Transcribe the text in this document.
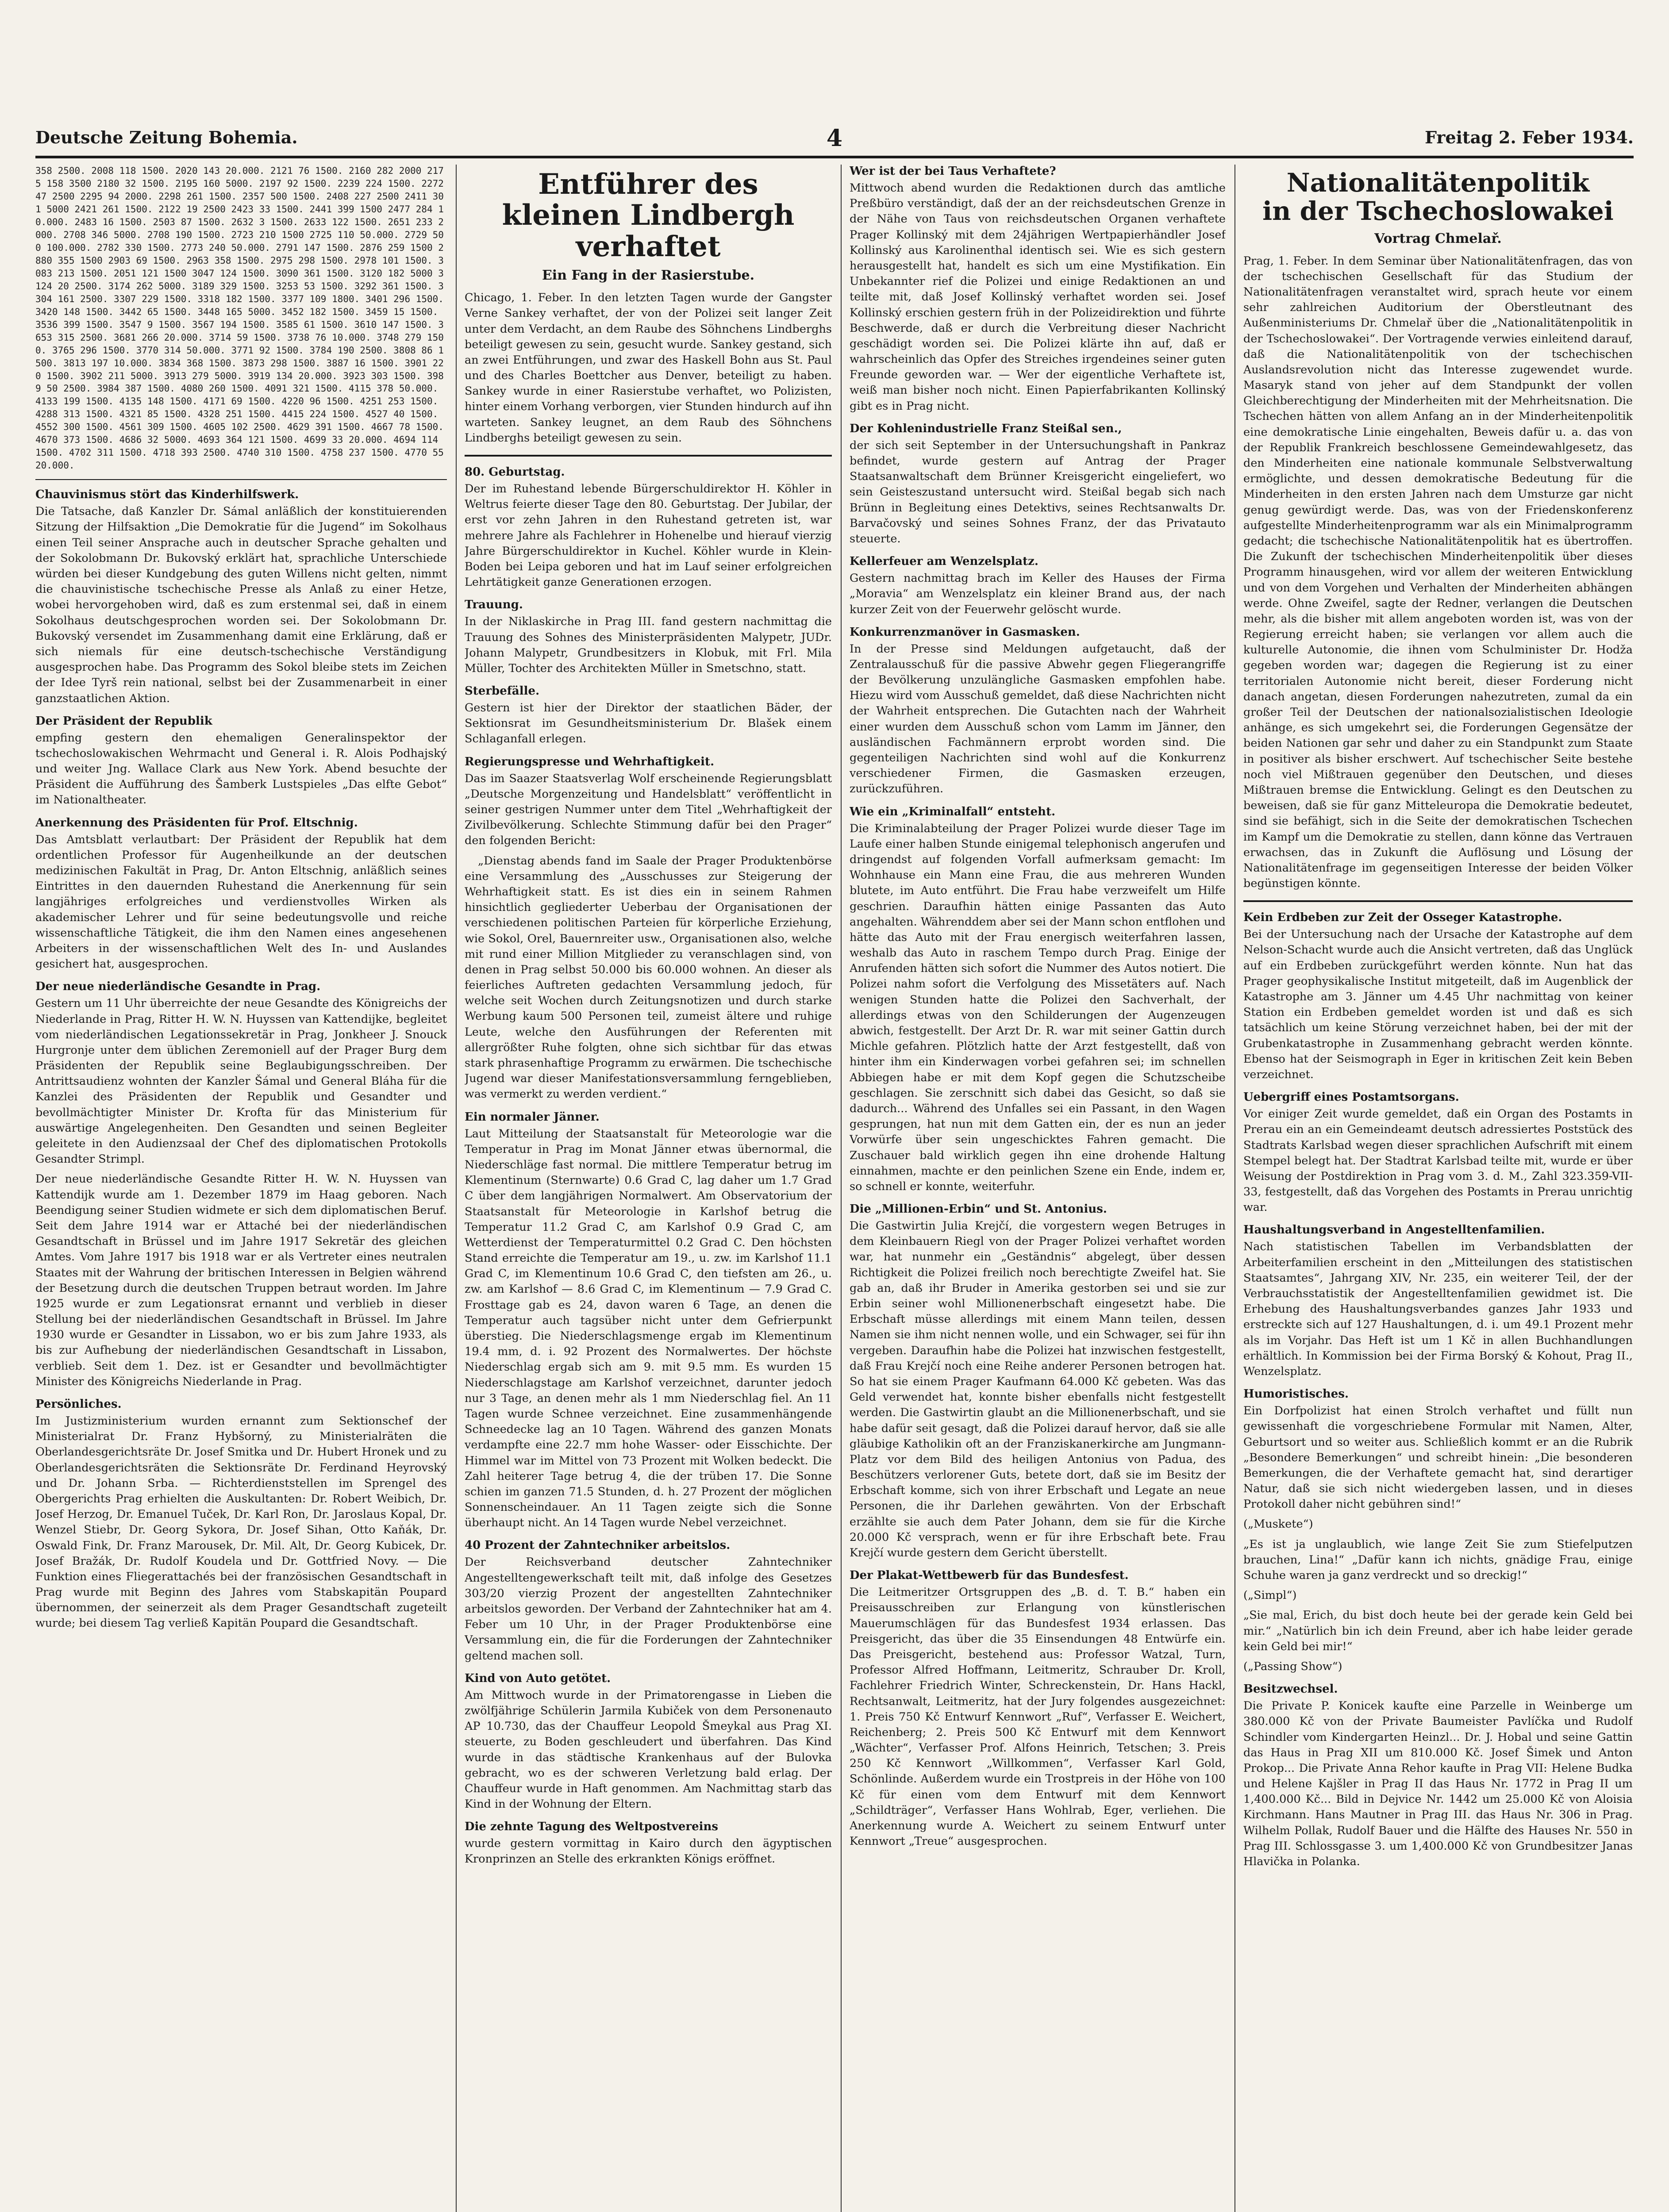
Deutsche Zeitung Bohemia.	4	Freitag 2. Feber 1934.
358 2500. 2008 118 1500. 2020 143 20.000. 2121 76 1500. 2160 282 2000 2175 158 3500 2180 32 1500. 2195 160 5000. 2197 92 1500. 2239 224 1500. 2272 47 2500 2295 94 2000. 2298 261 1500. 2357 500 1500. 2408 227 2500 2411 301 5000 2421 261 1500. 2122 19 2500 2423 33 1500. 2441 399 1500 2477 284 10.000. 2483 16 1500. 2503 87 1500. 2632 3 1500. 2633 122 1500. 2651 233 2000. 2708 346 5000. 2708 190 1500. 2723 210 1500 2725 110 50.000. 2729 500 100.000. 2782 330 1500. 2773 240 50.000. 2791 147 1500. 2876 259 1500 2880 355 1500 2903 69 1500. 2963 358 1500. 2975 298 1500. 2978 101 1500. 3083 213 1500. 2051 121 1500 3047 124 1500. 3090 361 1500. 3120 182 5000 3124 20 2500. 3174 262 5000. 3189 329 1500. 3253 53 1500. 3292 361 1500. 3304 161 2500. 3307 229 1500. 3318 182 1500. 3377 109 1800. 3401 296 1500. 3420 148 1500. 3442 65 1500. 3448 165 5000. 3452 182 1500. 3459 15 1500. 3536 399 1500. 3547 9 1500. 3567 194 1500. 3585 61 1500. 3610 147 1500. 3653 315 2500. 3681 266 20.000. 3714 59 1500. 3738 76 10.000. 3748 279 1500. 3765 296 1500. 3770 314 50.000. 3771 92 1500. 3784 190 2500. 3808 86 1500. 3813 197 10.000. 3834 368 1500. 3873 298 1500. 3887 16 1500. 3901 220 1500. 3902 211 5000. 3913 279 5000. 3919 134 20.000. 3923 303 1500. 3989 50 2500. 3984 387 1500. 4080 260 1500. 4091 321 1500. 4115 378 50.000. 4133 199 1500. 4135 148 1500. 4171 69 1500. 4220 96 1500. 4251 253 1500. 4288 313 1500. 4321 85 1500. 4328 251 1500. 4415 224 1500. 4527 40 1500. 4552 300 1500. 4561 309 1500. 4605 102 2500. 4629 391 1500. 4667 78 1500. 4670 373 1500. 4686 32 5000. 4693 364 121 1500. 4699 33 20.000. 4694 114 1500. 4702 311 1500. 4718 393 2500. 4740 310 1500. 4758 237 1500. 4770 55 20.000.
Chauvinismus stört das Kinderhilfswerk.

Die Tatsache, daß Kanzler Dr. Sámal anläßlich der konstituierenden Sitzung der Hilfsaktion „Die Demokratie für die Jugend“ im Sokolhaus einen Teil seiner Ansprache auch in deutscher Sprache gehalten und der Sokolobmann Dr. Bukovský erklärt hat, sprachliche Unterschiede würden bei dieser Kundgebung des guten Willens nicht gelten, nimmt die chauvinistische tschechische Presse als Anlaß zu einer Hetze, wobei hervorgehoben wird, daß es zum erstenmal sei, daß in einem Sokolhaus deutschgesprochen worden sei. Der Sokolobmann Dr. Bukovský versendet im Zusammenhang damit eine Erklärung, daß er sich niemals für eine deutsch-tschechische Verständigung ausgesprochen habe. Das Programm des Sokol bleibe stets im Zeichen der Idee Tyrš rein national, selbst bei der Zusammenarbeit in einer ganzstaatlichen Aktion.

Der Präsident der Republik

empfing gestern den ehemaligen Generalinspektor der tschechoslowakischen Wehrmacht und General i. R. Alois Podhajský und weiter Jng. Wallace Clark aus New York. Abend besuchte der Präsident die Aufführung des Šamberk Lustspieles „Das elfte Gebot“ im Nationaltheater.

Anerkennung des Präsidenten für Prof. Eltschnig.

Das Amtsblatt verlautbart: Der Präsident der Republik hat dem ordentlichen Professor für Augenheilkunde an der deutschen medizinischen Fakultät in Prag, Dr. Anton Eltschnig, anläßlich seines Eintrittes in den dauernden Ruhestand die Anerkennung für sein langjähriges erfolgreiches und verdienstvolles Wirken als akademischer Lehrer und für seine bedeutungsvolle und reiche wissenschaftliche Tätigkeit, die ihm den Namen eines angesehenen Arbeiters in der wissenschaftlichen Welt des In- und Auslandes gesichert hat, ausgesprochen.

Der neue niederländische Gesandte in Prag.

Gestern um 11 Uhr überreichte der neue Gesandte des Königreichs der Niederlande in Prag, Ritter H. W. N. Huyssen van Kattendijke, begleitet vom niederländischen Legationssekretär in Prag, Jonkheer J. Snouck Hurgronje unter dem üblichen Zeremoniell auf der Prager Burg dem Präsidenten der Republik seine Beglaubigungsschreiben. Der Antrittsaudienz wohnten der Kanzler Šámal und General Bláha für die Kanzlei des Präsidenten der Republik und Gesandter und bevollmächtigter Minister Dr. Krofta für das Ministerium für auswärtige Angelegenheiten. Den Gesandten und seinen Begleiter geleitete in den Audienzsaal der Chef des diplomatischen Protokolls Gesandter Strimpl.

Der neue niederländische Gesandte Ritter H. W. N. Huyssen van Kattendijk wurde am 1. Dezember 1879 im Haag geboren. Nach Beendigung seiner Studien widmete er sich dem diplomatischen Beruf. Seit dem Jahre 1914 war er Attaché bei der niederländischen Gesandtschaft in Brüssel und im Jahre 1917 Sekretär des gleichen Amtes. Vom Jahre 1917 bis 1918 war er als Vertreter eines neutralen Staates mit der Wahrung der britischen Interessen in Belgien während der Besetzung durch die deutschen Truppen betraut worden. Im Jahre 1925 wurde er zum Legationsrat ernannt und verblieb in dieser Stellung bei der niederländischen Gesandtschaft in Brüssel. Im Jahre 1930 wurde er Gesandter in Lissabon, wo er bis zum Jahre 1933, als bis zur Aufhebung der niederländischen Gesandtschaft in Lissabon, verblieb. Seit dem 1. Dez. ist er Gesandter und bevollmächtigter Minister des Königreichs Niederlande in Prag.

Persönliches.

Im Justizministerium wurden ernannt zum Sektionschef der Ministerialrat Dr. Franz Hybšorný, zu Ministerialräten die Oberlandesgerichtsräte Dr. Josef Smitka und Dr. Hubert Hronek und zu Oberlandesgerichtsräten die Sektionsräte Dr. Ferdinand Heyrovský und Dr. Johann Srba. — Richterdienststellen im Sprengel des Obergerichts Prag erhielten die Auskultanten: Dr. Robert Weibich, Dr. Josef Herzog, Dr. Emanuel Tuček, Dr. Karl Ron, Dr. Jaroslaus Kopal, Dr. Wenzel Stiebr, Dr. Georg Sykora, Dr. Josef Sihan, Otto Kaňák, Dr. Oswald Fink, Dr. Franz Marousek, Dr. Mil. Alt, Dr. Georg Kubicek, Dr. Josef Bražák, Dr. Rudolf Koudela und Dr. Gottfried Novy. — Die Funktion eines Fliegerattachés bei der französischen Gesandtschaft in Prag wurde mit Beginn des Jahres vom Stabskapitän Poupard übernommen, der seinerzeit als dem Prager Gesandtschaft zugeteilt wurde; bei diesem Tag verließ Kapitän Poupard die Gesandtschaft.

Entführer des
kleinen Lindbergh verhaftet
Ein Fang in der Rasierstube.

Chicago, 1. Feber. In den letzten Tagen wurde der Gangster Verne Sankey verhaftet, der von der Polizei seit langer Zeit unter dem Verdacht, an dem Raube des Söhnchens Lindberghs beteiligt gewesen zu sein, gesucht wurde. Sankey gestand, sich an zwei Entführungen, und zwar des Haskell Bohn aus St. Paul und des Charles Boettcher aus Denver, beteiligt zu haben. Sankey wurde in einer Rasierstube verhaftet, wo Polizisten, hinter einem Vorhang verborgen, vier Stunden hindurch auf ihn warteten. Sankey leugnet, an dem Raub des Söhnchens Lindberghs beteiligt gewesen zu sein.

80. Geburtstag.

Der im Ruhestand lebende Bürgerschuldirektor H. Köhler in Weltrus feierte dieser Tage den 80. Geburtstag. Der Jubilar, der erst vor zehn Jahren in den Ruhestand getreten ist, war mehrere Jahre als Fachlehrer in Hohenelbe und hierauf vierzig Jahre Bürgerschuldirektor in Kuchel. Köhler wurde in Klein-Boden bei Leipa geboren und hat im Lauf seiner erfolgreichen Lehrtätigkeit ganze Generationen erzogen.

Trauung.

In der Niklaskirche in Prag III. fand gestern nachmittag die Trauung des Sohnes des Ministerpräsidenten Malypetr, JUDr. Johann Malypetr, Grundbesitzers in Klobuk, mit Frl. Mila Müller, Tochter des Architekten Müller in Smetschno, statt.

Sterbefälle.

Gestern ist hier der Direktor der staatlichen Bäder, der Sektionsrat im Gesundheitsministerium Dr. Blašek einem Schlaganfall erlegen.

Regierungspresse und Wehrhaftigkeit.

Das im Saazer Staatsverlag Wolf erscheinende Regierungsblatt „Deutsche Morgenzeitung und Handelsblatt“ veröffentlicht in seiner gestrigen Nummer unter dem Titel „Wehrhaftigkeit der Zivilbevölkerung. Schlechte Stimmung dafür bei den Prager“ den folgenden Bericht:

„Dienstag abends fand im Saale der Prager Produktenbörse eine Versammlung des „Ausschusses zur Steigerung der Wehrhaftigkeit statt. Es ist dies ein in seinem Rahmen hinsichtlich gegliederter Ueberbau der Organisationen der verschiedenen politischen Parteien für körperliche Erziehung, wie Sokol, Orel, Bauernreiter usw., Organisationen also, welche mit rund einer Million Mitglieder zu veranschlagen sind, von denen in Prag selbst 50.000 bis 60.000 wohnen. An dieser als feierliches Auftreten gedachten Versammlung jedoch, für welche seit Wochen durch Zeitungsnotizen und durch starke Werbung kaum 500 Personen teil, zumeist ältere und ruhige Leute, welche den Ausführungen der Referenten mit allergrößter Ruhe folgten, ohne sich sichtbar für das etwas stark phrasenhaftige Programm zu erwärmen. Die tschechische Jugend war dieser Manifestationsversammlung ferngeblieben, was vermerkt zu werden verdient.“

Ein normaler Jänner.

Laut Mitteilung der Staatsanstalt für Meteorologie war die Temperatur in Prag im Monat Jänner etwas übernormal, die Niederschläge fast normal. Die mittlere Temperatur betrug im Klementinum (Sternwarte) 0.6 Grad C, lag daher um 1.7 Grad C über dem langjährigen Normalwert. Am Observatorium der Staatsanstalt für Meteorologie in Karlshof betrug die Temperatur 11.2 Grad C, am Karlshof 0.9 Grad C, am Wetterdienst der Temperaturmittel 0.2 Grad C. Den höchsten Stand erreichte die Temperatur am 19., u. zw. im Karlshof 11.1 Grad C, im Klementinum 10.6 Grad C, den tiefsten am 26., u. zw. am Karlshof — 8.6 Grad C, im Klementinum — 7.9 Grad C. Frosttage gab es 24, davon waren 6 Tage, an denen die Temperatur auch tagsüber nicht unter dem Gefrierpunkt überstieg. Die Niederschlagsmenge ergab im Klementinum 19.4 mm, d. i. 92 Prozent des Normalwertes. Der höchste Niederschlag ergab sich am 9. mit 9.5 mm. Es wurden 15 Niederschlagstage am Karlshof verzeichnet, darunter jedoch nur 3 Tage, an denen mehr als 1 mm Niederschlag fiel. An 11 Tagen wurde Schnee verzeichnet. Eine zusammenhängende Schneedecke lag an 10 Tagen. Während des ganzen Monats verdampfte eine 22.7 mm hohe Wasser- oder Eisschichte. Der Himmel war im Mittel von 73 Prozent mit Wolken bedeckt. Die Zahl heiterer Tage betrug 4, die der trüben 17. Die Sonne schien im ganzen 71.5 Stunden, d. h. 27 Prozent der möglichen Sonnenscheindauer. An 11 Tagen zeigte sich die Sonne überhaupt nicht. An 14 Tagen wurde Nebel verzeichnet.

40 Prozent der Zahntechniker arbeitslos.

Der Reichsverband deutscher Zahntechniker Angestelltengewerkschaft teilt mit, daß infolge des Gesetzes 303/20 vierzig Prozent der angestellten Zahntechniker arbeitslos geworden. Der Verband der Zahntechniker hat am 4. Feber um 10 Uhr, in der Prager Produktenbörse eine Versammlung ein, die für die Forderungen der Zahntechniker geltend machen soll.

Kind von Auto getötet.

Am Mittwoch wurde in der Primatorengasse in Lieben die zwölfjährige Schülerin Jarmila Kubiček von dem Personenauto AP 10.730, das der Chauffeur Leopold Šmeykal aus Prag XI. steuerte, zu Boden geschleudert und überfahren. Das Kind wurde in das städtische Krankenhaus auf der Bulovka gebracht, wo es der schweren Verletzung bald erlag. Der Chauffeur wurde in Haft genommen. Am Nachmittag starb das Kind in der Wohnung der Eltern.

Die zehnte Tagung des Weltpostvereins

wurde gestern vormittag in Kairo durch den ägyptischen Kronprinzen an Stelle des erkrankten Königs eröffnet.

Wer ist der bei Taus Verhaftete?

Mittwoch abend wurden die Redaktionen durch das amtliche Preßbüro verständigt, daß der an der reichsdeutschen Grenze in der Nähe von Taus von reichsdeutschen Organen verhaftete Prager Kollinský mit dem 24jährigen Wertpapierhändler Josef Kollinský aus Karolinenthal identisch sei. Wie es sich gestern herausgestellt hat, handelt es sich um eine Mystifikation. Ein Unbekannter rief die Polizei und einige Redaktionen an und teilte mit, daß Josef Kollinský verhaftet worden sei. Josef Kollinský erschien gestern früh in der Polizeidirektion und führte Beschwerde, daß er durch die Verbreitung dieser Nachricht geschädigt worden sei. Die Polizei klärte ihn auf, daß er wahrscheinlich das Opfer des Streiches irgendeines seiner guten Freunde geworden war. — Wer der eigentliche Verhaftete ist, weiß man bisher noch nicht. Einen Papierfabrikanten Kollinský gibt es in Prag nicht.

Der Kohlenindustrielle Franz Steißal sen.,

der sich seit September in der Untersuchungshaft in Pankraz befindet, wurde gestern auf Antrag der Prager Staatsanwaltschaft dem Brünner Kreisgericht eingeliefert, wo sein Geisteszustand untersucht wird. Steißal begab sich nach Brünn in Begleitung eines Detektivs, seines Rechtsanwalts Dr. Barvačovský und seines Sohnes Franz, der das Privatauto steuerte.

Kellerfeuer am Wenzelsplatz.

Gestern nachmittag brach im Keller des Hauses der Firma „Moravia“ am Wenzelsplatz ein kleiner Brand aus, der nach kurzer Zeit von der Feuerwehr gelöscht wurde.

Konkurrenzmanöver in Gasmasken.

In der Presse sind Meldungen aufgetaucht, daß der Zentralausschuß für die passive Abwehr gegen Fliegerangriffe der Bevölkerung unzulängliche Gasmasken empfohlen habe. Hiezu wird vom Ausschuß gemeldet, daß diese Nachrichten nicht der Wahrheit entsprechen. Die Gutachten nach der Wahrheit einer wurden dem Ausschuß schon vom Lamm im Jänner, den ausländischen Fachmännern erprobt worden sind. Die gegenteiligen Nachrichten sind wohl auf die Konkurrenz verschiedener Firmen, die Gasmasken erzeugen, zurückzuführen.

Wie ein „Kriminalfall“ entsteht.

Die Kriminalabteilung der Prager Polizei wurde dieser Tage im Laufe einer halben Stunde einigemal telephonisch angerufen und dringendst auf folgenden Vorfall aufmerksam gemacht: Im Wohnhause ein Mann eine Frau, die aus mehreren Wunden blutete, im Auto entführt. Die Frau habe verzweifelt um Hilfe geschrien. Daraufhin hätten einige Passanten das Auto angehalten. Währenddem aber sei der Mann schon entflohen und hätte das Auto mit der Frau energisch weiterfahren lassen, weshalb das Auto in raschem Tempo durch Prag. Einige der Anrufenden hätten sich sofort die Nummer des Autos notiert. Die Polizei nahm sofort die Verfolgung des Missetäters auf. Nach wenigen Stunden hatte die Polizei den Sachverhalt, der allerdings etwas von den Schilderungen der Augenzeugen abwich, festgestellt. Der Arzt Dr. R. war mit seiner Gattin durch Michle gefahren. Plötzlich hatte der Arzt festgestellt, daß von hinter ihm ein Kinderwagen vorbei gefahren sei; im schnellen Abbiegen habe er mit dem Kopf gegen die Schutzscheibe geschlagen. Sie zerschnitt sich dabei das Gesicht, so daß sie dadurch... Während des Unfalles sei ein Passant, in den Wagen gesprungen, hat nun mit dem Gatten ein, der es nun an jeder Vorwürfe über sein ungeschicktes Fahren gemacht. Die Zuschauer bald wirklich gegen ihn eine drohende Haltung einnahmen, machte er den peinlichen Szene ein Ende, indem er, so schnell er konnte, weiterfuhr.

Die „Millionen-Erbin“ und St. Antonius.

Die Gastwirtin Julia Krejčí, die vorgestern wegen Betruges in dem Kleinbauern Riegl von der Prager Polizei verhaftet worden war, hat nunmehr ein „Geständnis“ abgelegt, über dessen Richtigkeit die Polizei freilich noch berechtigte Zweifel hat. Sie gab an, daß ihr Bruder in Amerika gestorben sei und sie zur Erbin seiner wohl Millionenerbschaft eingesetzt habe. Die Erbschaft müsse allerdings mit einem Mann teilen, dessen Namen sie ihm nicht nennen wolle, und ein Schwager, sei für ihn vergeben. Daraufhin habe die Polizei hat inzwischen festgestellt, daß Frau Krejčí noch eine Reihe anderer Personen betrogen hat. So hat sie einem Prager Kaufmann 64.000 Kč gebeten. Was das Geld verwendet hat, konnte bisher ebenfalls nicht festgestellt werden. Die Gastwirtin glaubt an die Millionenerbschaft, und sie habe dafür seit gesagt, daß die Polizei darauf hervor, daß sie alle gläubige Katholikin oft an der Franziskanerkirche am Jungmann-Platz vor dem Bild des heiligen Antonius von Padua, des Beschützers verlorener Guts, betete dort, daß sie im Besitz der Erbschaft komme, sich von ihrer Erbschaft und Legate an neue Personen, die ihr Darlehen gewährten. Von der Erbschaft erzählte sie auch dem Pater Johann, dem sie für die Kirche 20.000 Kč versprach, wenn er für ihre Erbschaft bete. Frau Krejčí wurde gestern dem Gericht überstellt.

Der Plakat-Wettbewerb für das Bundesfest.

Die Leitmeritzer Ortsgruppen des „B. d. T. B.“ haben ein Preisausschreiben zur Erlangung von künstlerischen Mauerumschlägen für das Bundesfest 1934 erlassen. Das Preisgericht, das über die 35 Einsendungen 48 Entwürfe ein. Das Preisgericht, bestehend aus: Professor Watzal, Turn, Professor Alfred Hoffmann, Leitmeritz, Schrauber Dr. Kroll, Fachlehrer Friedrich Winter, Schreckenstein, Dr. Hans Hackl, Rechtsanwalt, Leitmeritz, hat der Jury folgendes ausgezeichnet: 1. Preis 750 Kč Entwurf Kennwort „Ruf“, Verfasser E. Weichert, Reichenberg; 2. Preis 500 Kč Entwurf mit dem Kennwort „Wächter“, Verfasser Prof. Alfons Heinrich, Tetschen; 3. Preis 250 Kč Kennwort „Willkommen“, Verfasser Karl Gold, Schönlinde. Außerdem wurde ein Trostpreis in der Höhe von 100 Kč für einen vom dem Entwurf mit dem Kennwort „Schildträger“, Verfasser Hans Wohlrab, Eger, verliehen. Die Anerkennung wurde A. Weichert zu seinem Entwurf unter Kennwort „Treue“ ausgesprochen.

Nationalitätenpolitik
in der Tschechoslowakei
Vortrag Chmelař.

Prag, 1. Feber. In dem Seminar über Nationalitätenfragen, das von der tschechischen Gesellschaft für das Studium der Nationalitätenfragen veranstaltet wird, sprach heute vor einem sehr zahlreichen Auditorium der Oberstleutnant des Außenministeriums Dr. Chmelař über die „Nationalitätenpolitik in der Tschechoslowakei“. Der Vortragende verwies einleitend darauf, daß die Nationalitätenpolitik von der tschechischen Auslandsrevolution nicht das Interesse zugewendet wurde. Masaryk stand von jeher auf dem Standpunkt der vollen Gleichberechtigung der Minderheiten mit der Mehrheitsnation. Die Tschechen hätten von allem Anfang an in der Minderheitenpolitik eine demokratische Linie eingehalten, Beweis dafür u. a. das von der Republik Frankreich beschlossene Gemeindewahlgesetz, das den Minderheiten eine nationale kommunale Selbstverwaltung ermöglichte, und dessen demokratische Bedeutung für die Minderheiten in den ersten Jahren nach dem Umsturze gar nicht genug gewürdigt werde. Das, was von der Friedenskonferenz aufgestellte Minderheitenprogramm war als ein Minimalprogramm gedacht; die tschechische Nationalitätenpolitik hat es übertroffen. Die Zukunft der tschechischen Minderheitenpolitik über dieses Programm hinausgehen, wird vor allem der weiteren Entwicklung und von dem Vorgehen und Verhalten der Minderheiten abhängen werde. Ohne Zweifel, sagte der Redner, verlangen die Deutschen mehr, als die bisher mit allem angeboten worden ist, was von der Regierung erreicht haben; sie verlangen vor allem auch die kulturelle Autonomie, die ihnen vom Schulminister Dr. Hodža gegeben worden war; dagegen die Regierung ist zu einer territorialen Autonomie nicht bereit, dieser Forderung nicht danach angetan, diesen Forderungen nahezutreten, zumal da ein großer Teil der Deutschen der nationalsozialistischen Ideologie anhänge, es sich umgekehrt sei, die Forderungen Gegensätze der beiden Nationen gar sehr und daher zu ein Standpunkt zum Staate in positiver als bisher erschwert. Auf tschechischer Seite bestehe noch viel Mißtrauen gegenüber den Deutschen, und dieses Mißtrauen bremse die Entwicklung. Gelingt es den Deutschen zu beweisen, daß sie für ganz Mitteleuropa die Demokratie bedeutet, sind sie befähigt, sich in die Seite der demokratischen Tschechen im Kampf um die Demokratie zu stellen, dann könne das Vertrauen erwachsen, das in Zukunft die Auflösung und Lösung der Nationalitätenfrage im gegenseitigen Interesse der beiden Völker begünstigen könnte.

Kein Erdbeben zur Zeit der Osseger Katastrophe.

Bei der Untersuchung nach der Ursache der Katastrophe auf dem Nelson-Schacht wurde auch die Ansicht vertreten, daß das Unglück auf ein Erdbeben zurückgeführt werden könnte. Nun hat das Prager geophysikalische Institut mitgeteilt, daß im Augenblick der Katastrophe am 3. Jänner um 4.45 Uhr nachmittag von keiner Station ein Erdbeben gemeldet worden ist und daß es sich tatsächlich um keine Störung verzeichnet haben, bei der mit der Grubenkatastrophe in Zusammenhang gebracht werden könnte. Ebenso hat der Seismograph in Eger in kritischen Zeit kein Beben verzeichnet.

Uebergriff eines Postamtsorgans.

Vor einiger Zeit wurde gemeldet, daß ein Organ des Postamts in Prerau ein an ein Gemeindeamt deutsch adressiertes Poststück des Stadtrats Karlsbad wegen dieser sprachlichen Aufschrift mit einem Stempel belegt hat. Der Stadtrat Karlsbad teilte mit, wurde er über Weisung der Postdirektion in Prag vom 3. d. M., Zahl 323.359-VII-33, festgestellt, daß das Vorgehen des Postamts in Prerau unrichtig war.

Haushaltungsverband in Angestelltenfamilien.

Nach statistischen Tabellen im Verbandsblatten der Arbeiterfamilien erscheint in den „Mitteilungen des statistischen Staatsamtes“, Jahrgang XIV, Nr. 235, ein weiterer Teil, der der Verbrauchsstatistik der Angestelltenfamilien gewidmet ist. Die Erhebung des Haushaltungsverbandes ganzes Jahr 1933 und erstreckte sich auf 127 Haushaltungen, d. i. um 49.1 Prozent mehr als im Vorjahr. Das Heft ist um 1 Kč in allen Buchhandlungen erhältlich. In Kommission bei der Firma Borský & Kohout, Prag II., Wenzelsplatz.

Humoristisches.

Ein Dorfpolizist hat einen Strolch verhaftet und füllt nun gewissenhaft die vorgeschriebene Formular mit Namen, Alter, Geburtsort und so weiter aus. Schließlich kommt er an die Rubrik „Besondere Bemerkungen“ und schreibt hinein: „Die besonderen Bemerkungen, die der Verhaftete gemacht hat, sind derartiger Natur, daß sie sich nicht wiedergeben lassen, und in dieses Protokoll daher nicht gebühren sind!“

(„Muskete“)

„Es ist ja unglaublich, wie lange Zeit Sie zum Stiefelputzen brauchen, Lina!“ „Dafür kann ich nichts, gnädige Frau, einige Schuhe waren ja ganz verdreckt und so dreckig!“

(„Simpl“)

„Sie mal, Erich, du bist doch heute bei der gerade kein Geld bei mir.“ „Natürlich bin ich dein Freund, aber ich habe leider gerade kein Geld bei mir!“

(„Passing Show“)

Besitzwechsel.

Die Private P. Konicek kaufte eine Parzelle in Weinberge um 380.000 Kč von der Private Baumeister Pavlíčka und Rudolf Schindler vom Kindergarten Heinzl... Dr. J. Hobal und seine Gattin das Haus in Prag XII um 810.000 Kč. Josef Šimek und Anton Prokop... Die Private Anna Rehor kaufte in Prag VII: Helene Budka und Helene Kajšler in Prag II das Haus Nr. 1772 in Prag II um 1,400.000 Kč... Bild in Dejvice Nr. 1442 um 25.000 Kč von Aloisia Kirchmann. Hans Mautner in Prag III. das Haus Nr. 306 in Prag. Wilhelm Pollak, Rudolf Bauer und die Hälfte des Hauses Nr. 550 in Prag III. Schlossgasse 3. um 1,400.000 Kč von Grundbesitzer Janas Hlavička in Polanka.
